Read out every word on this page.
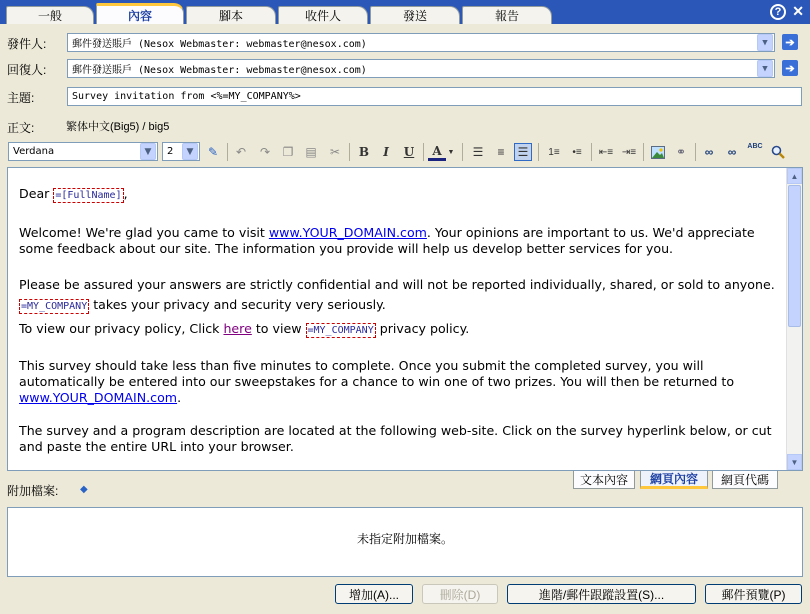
一般	內容	腳本	收件人	發送	報告	? ✕
發件人:	郵件發送賬戶 (Nesox Webmaster: webmaster@nesox.com)	▼	➔
回復人:	郵件發送賬戶 (Nesox Webmaster: webmaster@nesox.com)	▼	➔
主題:	Survey invitation from <%=MY_COMPANY%>
正文:	繁体中文(Big5) / big5
Verdana	▼	2	▼	✎	↶	↷	❐ ▤	✂	B	I	U	A ▼	☰	≡	☰	1≡	•≡	⇤≡ ⇥≡	⚭	∞	∞	ABC

Dear =[FullName] ,

Welcome! We're glad you came to visit www.YOUR_DOMAIN.com. Your opinions are important to us. We'd appreciate some feedback about our site. The information you provide will help us develop better services for you.

Please be assured your answers are strictly confidential and will not be reported individually, shared, or sold to anyone. =MY_COMPANY takes your privacy and security very seriously.

To view our privacy policy, Click here to view =MY_COMPANY privacy policy.

This survey should take less than five minutes to complete. Once you submit the completed survey, you will automatically be entered into our sweepstakes for a chance to win one of two prizes. You will then be returned to www.YOUR_DOMAIN.com.

The survey and a program description are located at the following web-site. Click on the survey hyperlink below, or cut and paste the entire URL into your browser.

▲
▼
文本內容 網頁內容 網頁代碼
附加檔案: ◆
未指定附加檔案。
增加(A)...	刪除(D)	進階/郵件跟蹤設置(S)...	郵件預覽(P)
